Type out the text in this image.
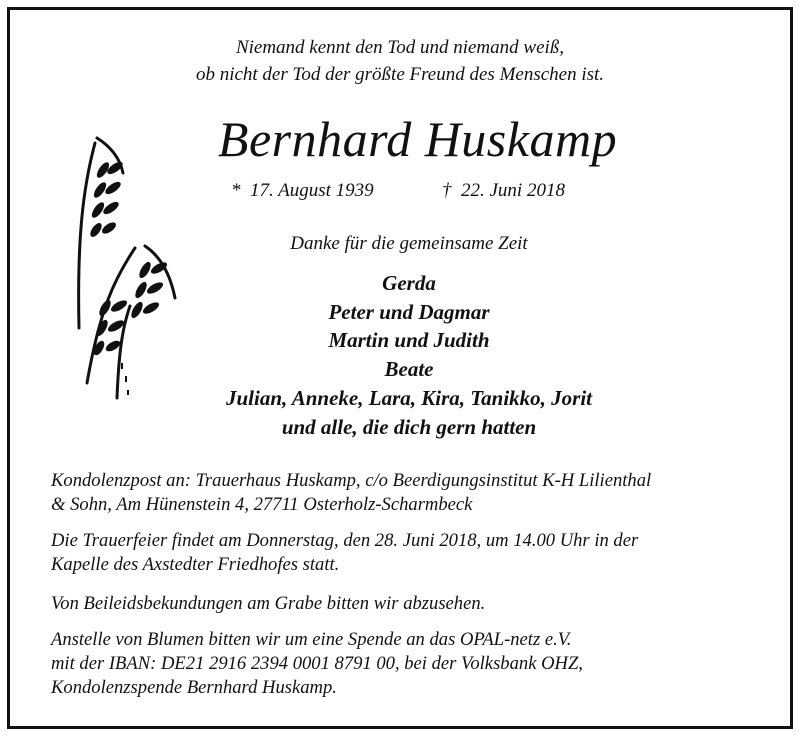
Niemand kennt den Tod und niemand weiß,
ob nicht der Tod der größte Freund des Menschen ist.
Bernhard Huskamp
*  17. August 1939	†  22. Juni 2018
Danke für die gemeinsame Zeit
Gerda
Peter und Dagmar
Martin und Judith
Beate
Julian, Anneke, Lara, Kira, Tanikko, Jorit
und alle, die dich gern hatten
Kondolenzpost an: Trauerhaus Huskamp, c/o Beerdigungsinstitut K-H Lilienthal
& Sohn, Am Hünenstein 4, 27711 Osterholz-Scharmbeck
Die Trauerfeier findet am Donnerstag, den 28. Juni 2018, um 14.00 Uhr in der
Kapelle des Axstedter Friedhofes statt.
Von Beileidsbekundungen am Grabe bitten wir abzusehen.
Anstelle von Blumen bitten wir um eine Spende an das OPAL-netz e.V.
mit der IBAN: DE21 2916 2394 0001 8791 00, bei der Volksbank OHZ,
Kondolenzspende Bernhard Huskamp.
